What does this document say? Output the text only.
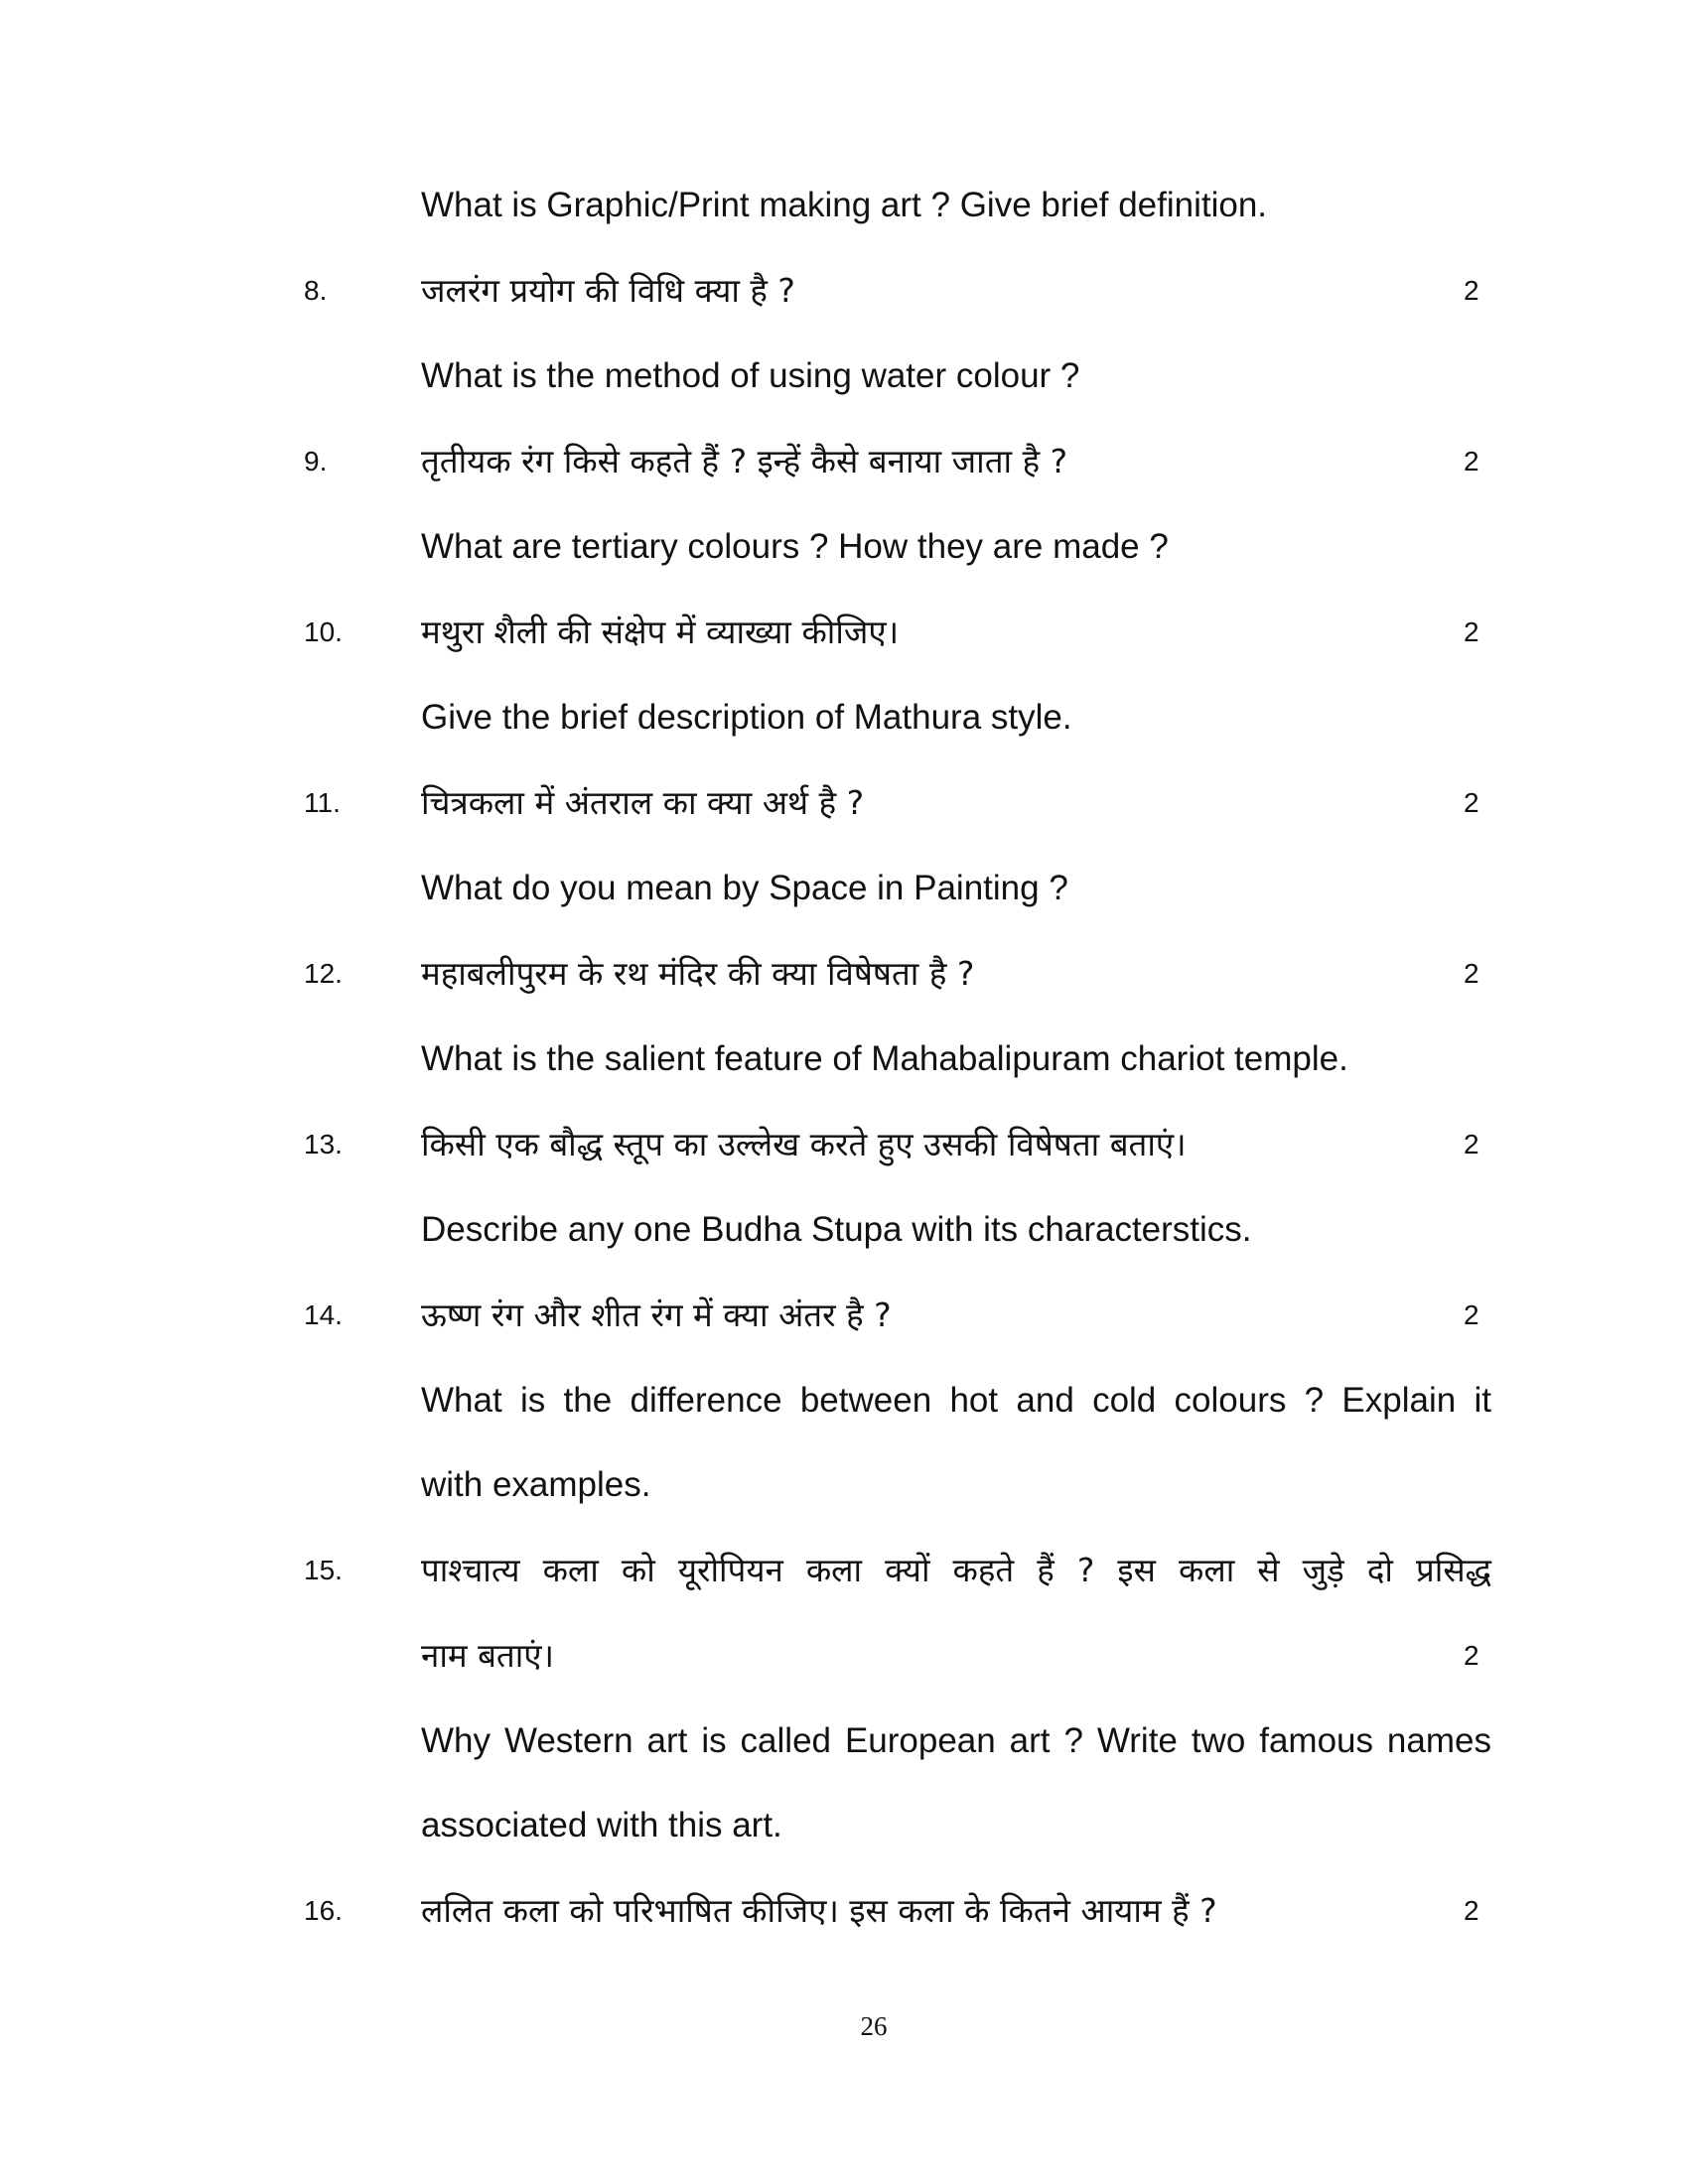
What is Graphic/Print making art ? Give brief definition.
8.	जलरंग प्रयोग की विधि क्या है ?	2
What is the method of using water colour ?
9.	तृतीयक रंग किसे कहते हैं ? इन्हें कैसे बनाया जाता है ?	2
What are tertiary colours ? How they are made ?
10. मथुरा शैली की संक्षेप में व्याख्या कीजिए।	2
Give the brief description of Mathura style.
11. चित्रकला में अंतराल का क्या अर्थ है ?	2
What do you mean by Space in Painting ?
12. महाबलीपुरम के रथ मंदिर की क्या विषेषता है ?	2
What is the salient feature of Mahabalipuram chariot temple.
13. किसी एक बौद्ध स्तूप का उल्लेख करते हुए उसकी विषेषता बताएं।	2
Describe any one Budha Stupa with its characterstics.
14. ऊष्ण रंग और शीत रंग में क्या अंतर है ?	2
What is the difference between hot and cold colours ? Explain it
with examples.
15. पाश्चात्य कला को यूरोपियन कला क्यों कहते हैं ? इस कला से जुड़े दो प्रसिद्ध
नाम बताएं।	2
Why Western art is called European art ? Write two famous names
associated with this art.
16. ललित कला को परिभाषित कीजिए। इस कला के कितने आयाम हैं ?	2
26
